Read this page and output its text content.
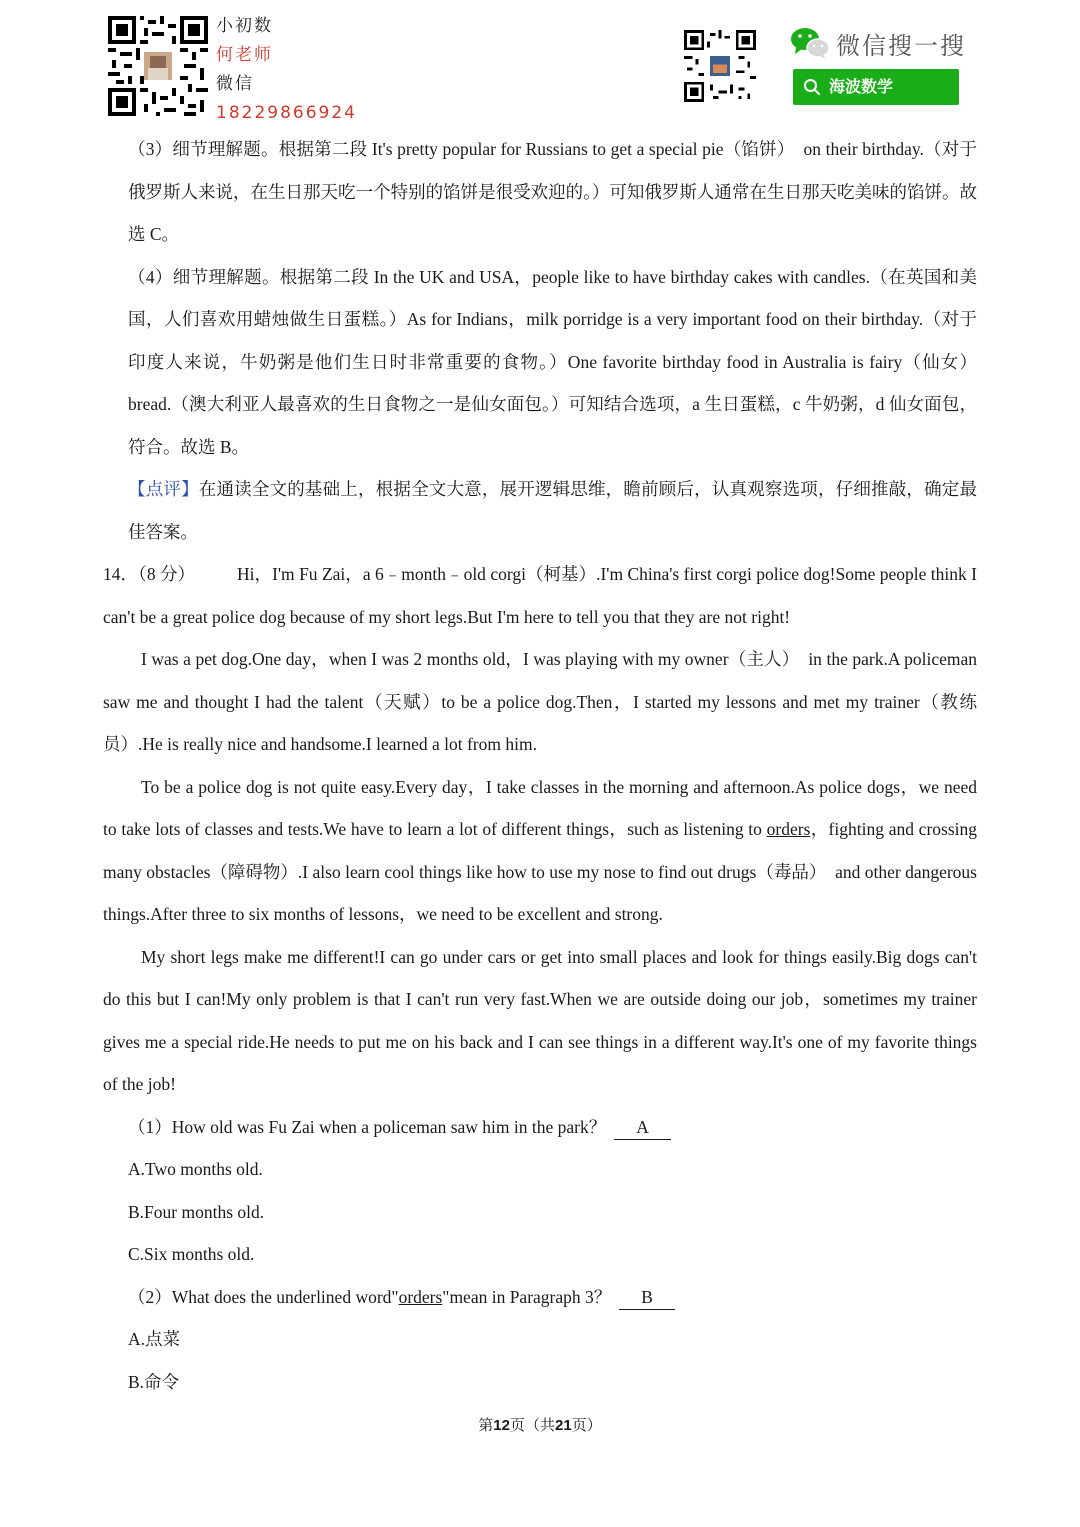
小初数
何老师
微信
18229866924
微信搜一搜
海波数学

（3）细节理解题。根据第二段 It's pretty popular for Russians to get a special pie（馅饼）　on their birthday.（对于俄罗斯人来说，在生日那天吃一个特别的馅饼是很受欢迎的。）可知俄罗斯人通常在生日那天吃美味的馅饼。故选 C。

（4）细节理解题。根据第二段 In the UK and USA，people like to have birthday cakes with candles.（在英国和美国，人们喜欢用蜡烛做生日蛋糕。）As for Indians，milk porridge is a very important food on their birthday.（对于印度人来说，牛奶粥是他们生日时非常重要的食物。）One favorite birthday food in Australia is fairy（仙女）bread.（澳大利亚人最喜欢的生日食物之一是仙女面包。）可知结合选项，a 生日蛋糕，c 牛奶粥，d 仙女面包，符合。故选 B。

【点评】在通读全文的基础上，根据全文大意，展开逻辑思维，瞻前顾后，认真观察选项，仔细推敲，确定最佳答案。

14．（8 分） Hi，I'm Fu Zai，a 6﹣month﹣old corgi（柯基）.I'm China's first corgi police dog!Some people think I can't be a great police dog because of my short legs.But I'm here to tell you that they are not right!

I was a pet dog.One day，when I was 2 months old，I was playing with my owner（主人）　in the park.A policeman saw me and thought I had the talent（天赋）to be a police dog.Then，I started my lessons and met my trainer（教练员）.He is really nice and handsome.I learned a lot from him.

To be a police dog is not quite easy.Every day，I take classes in the morning and afternoon.As police dogs，we need to take lots of classes and tests.We have to learn a lot of different things，such as listening to orders，fighting and crossing many obstacles（障碍物）.I also learn cool things like how to use my nose to find out drugs（毒品）　and other dangerous things.After three to six months of lessons，we need to be excellent and strong.

My short legs make me different!I can go under cars or get into small places and look for things easily.Big dogs can't do this but I can!My only problem is that I can't run very fast.When we are outside doing our job，sometimes my trainer gives me a special ride.He needs to put me on his back and I can see things in a different way.It's one of my favorite things of the job!

（1）How old was Fu Zai when a policeman saw him in the park？ A

A.Two months old.

B.Four months old.

C.Six months old.

（2）What does the underlined word"orders"mean in Paragraph 3？ B

A.点菜

B.命令

第12页（共21页）
